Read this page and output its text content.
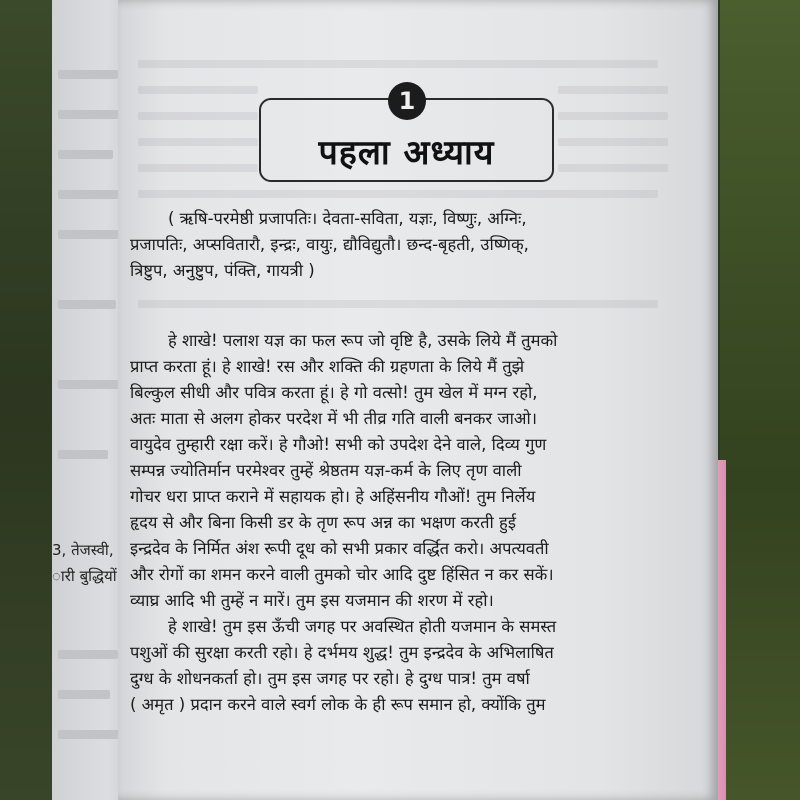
3, तेजस्वी,
ारी बुद्धियों
पहला अध्याय
1
( ऋषि-परमेष्ठी प्रजापतिः। देवता-सविता, यज्ञः, विष्णुः, अग्निः,
प्रजापतिः, अप्सवितारौ, इन्द्रः, वायुः, द्यौविद्युतौ। छन्द-बृहती, उष्णिक्,
त्रिष्टुप, अनुष्टुप, पंक्ति, गायत्री )
हे शाखे! पलाश यज्ञ का फल रूप जो वृष्टि है, उसके लिये मैं तुमको
प्राप्त करता हूं। हे शाखे! रस और शक्ति की ग्रहणता के लिये मैं तुझे
बिल्कुल सीधी और पवित्र करता हूं। हे गो वत्सो! तुम खेल में मग्न रहो,
अतः माता से अलग होकर परदेश में भी तीव्र गति वाली बनकर जाओ।
वायुदेव तुम्हारी रक्षा करें। हे गौओ! सभी को उपदेश देने वाले, दिव्य गुण
सम्पन्न ज्योतिर्मान परमेश्वर तुम्हें श्रेष्ठतम यज्ञ-कर्म के लिए तृण वाली
गोचर धरा प्राप्त कराने में सहायक हो। हे अहिंसनीय गौओं! तुम निर्लेय
हृदय से और बिना किसी डर के तृण रूप अन्न का भक्षण करती हुई
इन्द्रदेव के निर्मित अंश रूपी दूध को सभी प्रकार वर्द्धित करो। अपत्यवती
और रोगों का शमन करने वाली तुमको चोर आदि दुष्ट हिंसित न कर सकें।
व्याघ्र आदि भी तुम्हें न मारें। तुम इस यजमान की शरण में रहो।
हे शाखे! तुम इस ऊँची जगह पर अवस्थित होती यजमान के समस्त
पशुओं की सुरक्षा करती रहो। हे दर्भमय शुद्ध! तुम इन्द्रदेव के अभिलाषित
दुग्ध के शोधनकर्ता हो। तुम इस जगह पर रहो। हे दुग्ध पात्र! तुम वर्षा
( अमृत ) प्रदान करने वाले स्वर्ग लोक के ही रूप समान हो, क्योंकि तुम
